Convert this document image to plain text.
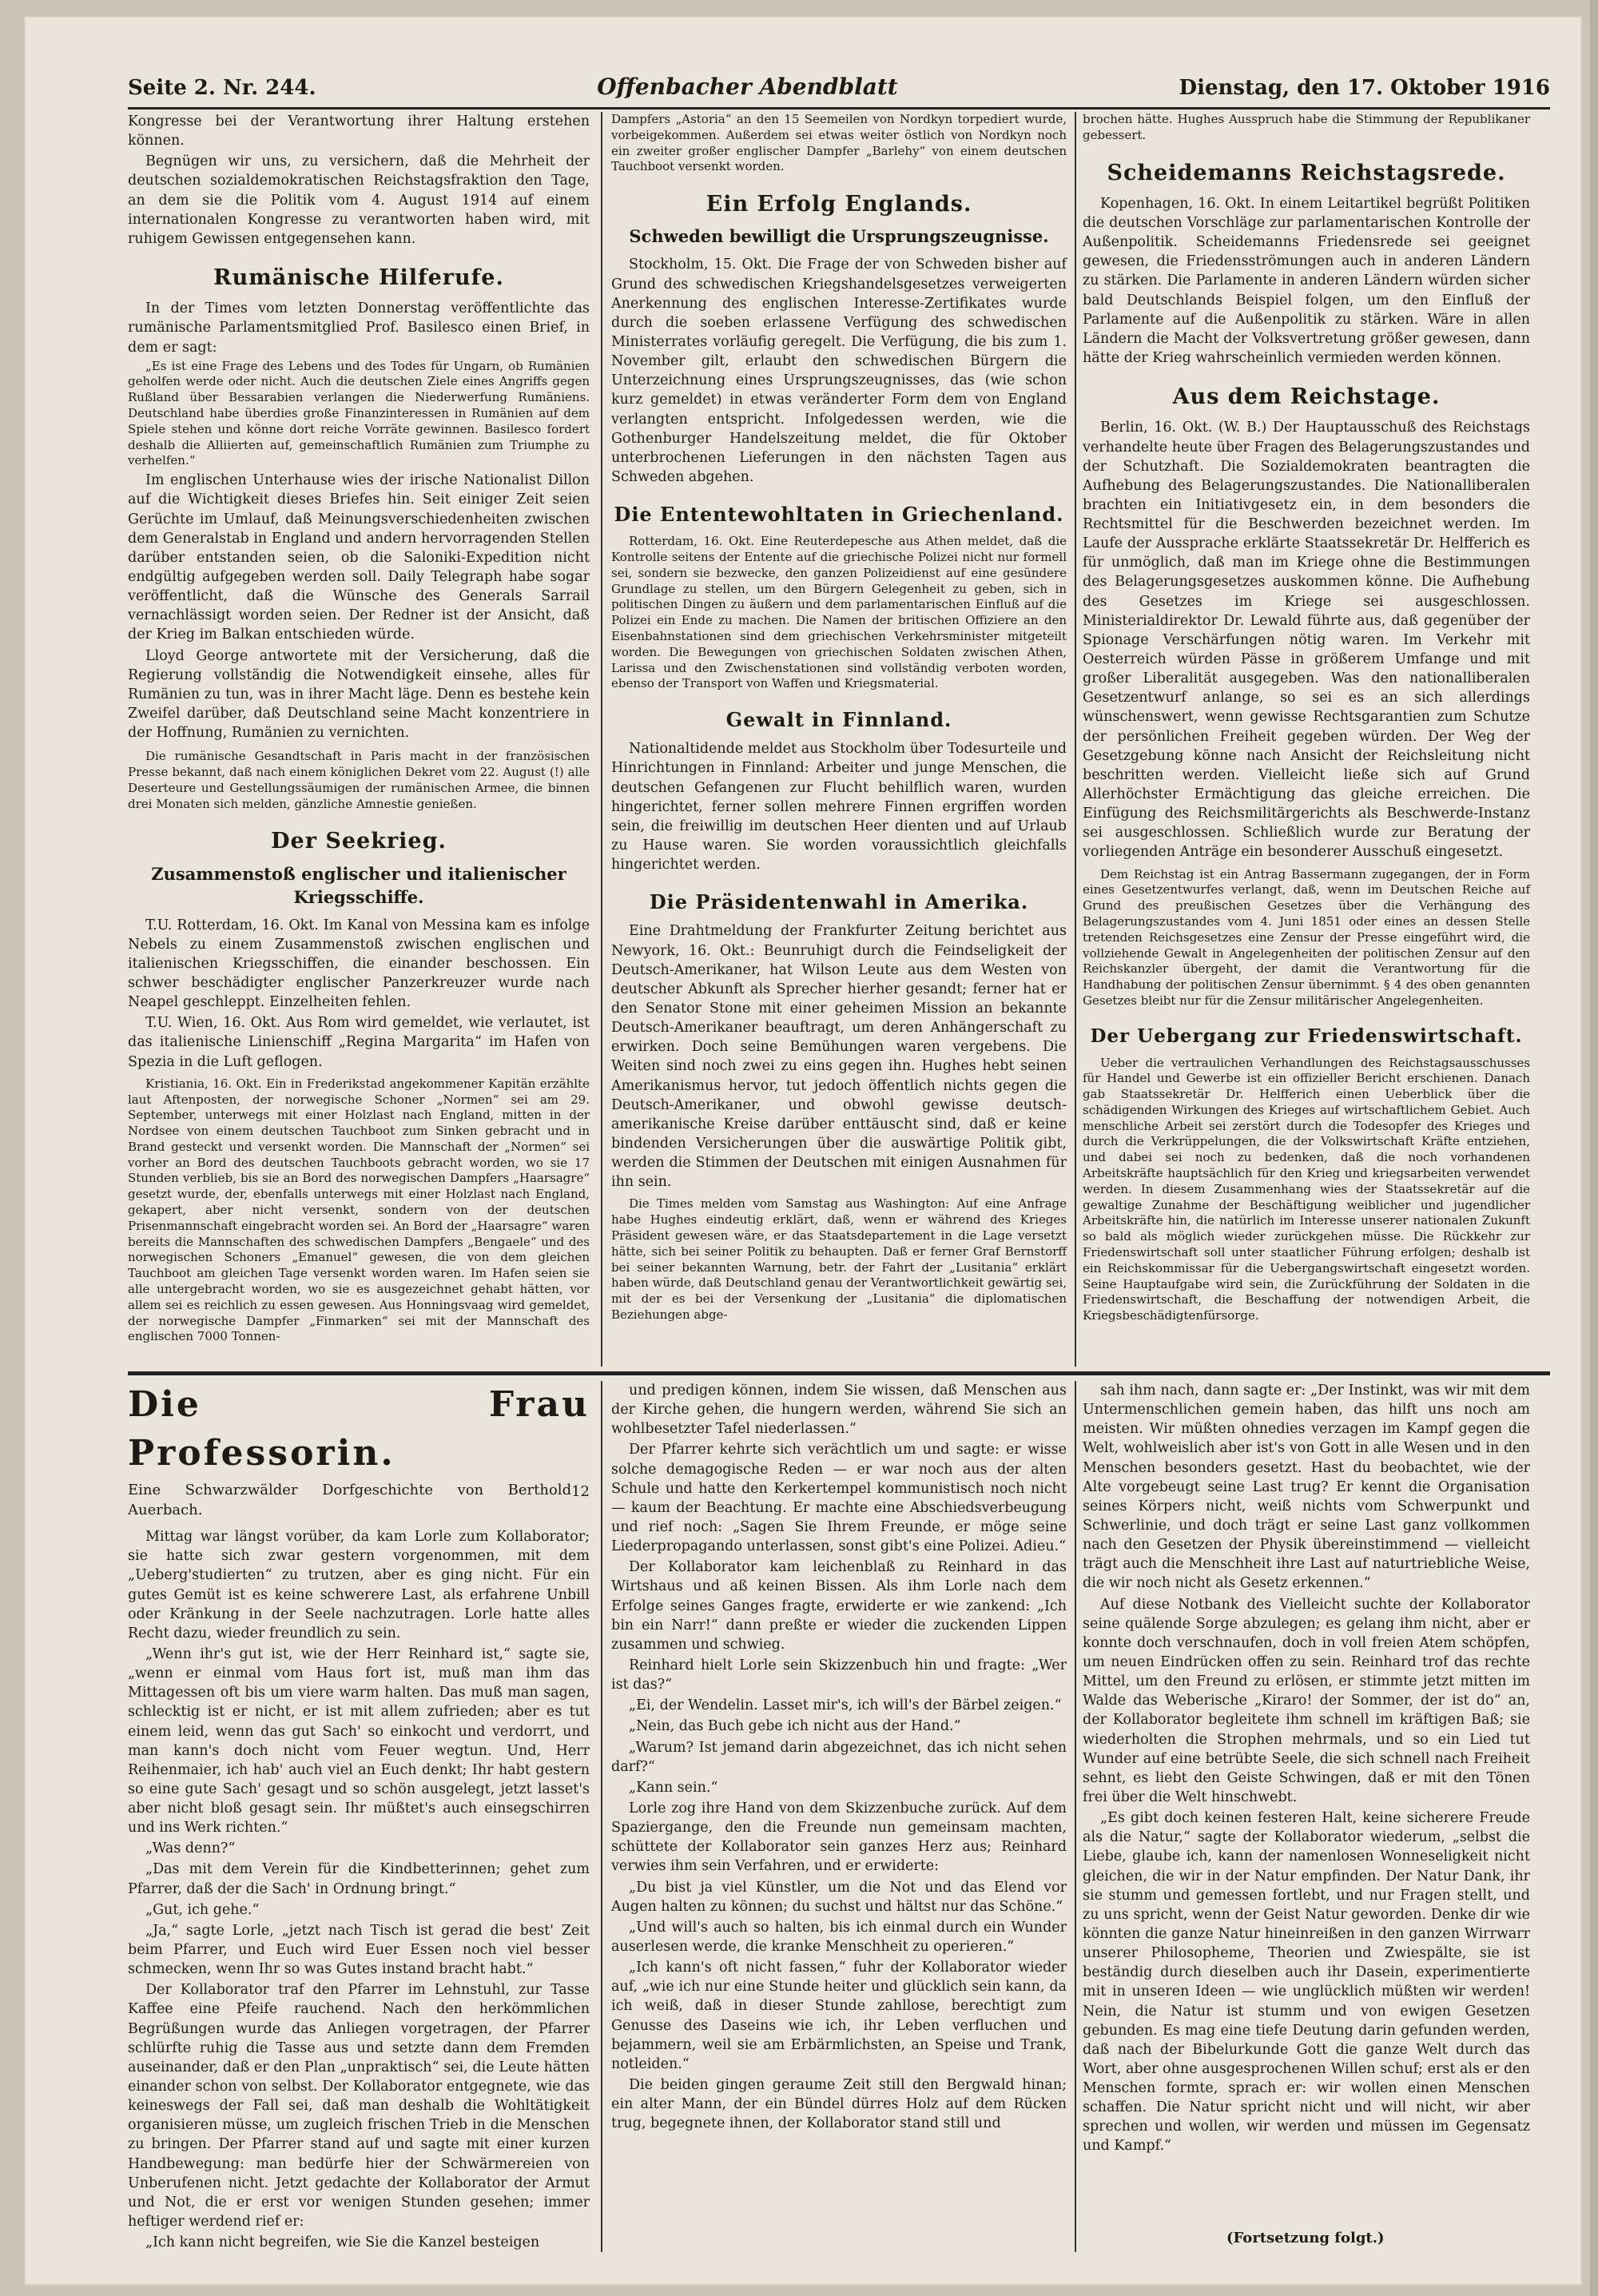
Seite 2. Nr. 244.	Offenbacher Abendblatt	Dienstag, den 17. Oktober 1916

Kongresse bei der Verantwortung ihrer Haltung erstehen können.

Begnügen wir uns, zu versichern, daß die Mehrheit der deutschen sozialdemokratischen Reichstagsfraktion den Tage, an dem sie die Politik vom 4. August 1914 auf einem internationalen Kongresse zu verantworten haben wird, mit ruhigem Gewissen entgegensehen kann.

Rumänische Hilferufe.

In der Times vom letzten Donnerstag veröffentlichte das rumänische Parlamentsmitglied Prof. Basilesco einen Brief, in dem er sagt:

„Es ist eine Frage des Lebens und des Todes für Ungarn, ob Rumänien geholfen werde oder nicht. Auch die deutschen Ziele eines Angriffs gegen Rußland über Bessarabien verlangen die Niederwerfung Rumäniens. Deutschland habe überdies große Finanzinteressen in Rumänien auf dem Spiele stehen und könne dort reiche Vorräte gewinnen. Basilesco fordert deshalb die Alliierten auf, gemeinschaftlich Rumänien zum Triumphe zu verhelfen.“

Im englischen Unterhause wies der irische Nationalist Dillon auf die Wichtigkeit dieses Briefes hin. Seit einiger Zeit seien Gerüchte im Umlauf, daß Meinungsverschiedenheiten zwischen dem Generalstab in England und andern hervorragenden Stellen darüber entstanden seien, ob die Saloniki-Expedition nicht endgültig aufgegeben werden soll. Daily Telegraph habe sogar veröffentlicht, daß die Wünsche des Generals Sarrail vernachlässigt worden seien. Der Redner ist der Ansicht, daß der Krieg im Balkan entschieden würde.

Lloyd George antwortete mit der Versicherung, daß die Regierung vollständig die Notwendigkeit einsehe, alles für Rumänien zu tun, was in ihrer Macht läge. Denn es bestehe kein Zweifel darüber, daß Deutschland seine Macht konzentriere in der Hoffnung, Rumänien zu vernichten.

Die rumänische Gesandtschaft in Paris macht in der französischen Presse bekannt, daß nach einem königlichen Dekret vom 22. August (!) alle Deserteure und Gestellungssäumigen der rumänischen Armee, die binnen drei Monaten sich melden, gänzliche Amnestie genießen.

Der Seekrieg.
Zusammenstoß englischer und italienischer Kriegsschiffe.

T.U. Rotterdam, 16. Okt. Im Kanal von Messina kam es infolge Nebels zu einem Zusammenstoß zwischen englischen und italienischen Kriegsschiffen, die einander beschossen. Ein schwer beschädigter englischer Panzerkreuzer wurde nach Neapel geschleppt. Einzelheiten fehlen.

T.U. Wien, 16. Okt. Aus Rom wird gemeldet, wie verlautet, ist das italienische Linienschiff „Regina Margarita“ im Hafen von Spezia in die Luft geflogen.

Kristiania, 16. Okt. Ein in Frederikstad angekommener Kapitän erzählte laut Aftenposten, der norwegische Schoner „Normen“ sei am 29. September, unterwegs mit einer Holzlast nach England, mitten in der Nordsee von einem deutschen Tauchboot zum Sinken gebracht und in Brand gesteckt und versenkt worden. Die Mannschaft der „Normen“ sei vorher an Bord des deutschen Tauchboots gebracht worden, wo sie 17 Stunden verblieb, bis sie an Bord des norwegischen Dampfers „Haarsagre“ gesetzt wurde, der, ebenfalls unterwegs mit einer Holzlast nach England, gekapert, aber nicht versenkt, sondern von der deutschen Prisenmannschaft eingebracht worden sei. An Bord der „Haarsagre“ waren bereits die Mannschaften des schwedischen Dampfers „Bengaele“ und des norwegischen Schoners „Emanuel“ gewesen, die von dem gleichen Tauchboot am gleichen Tage versenkt worden waren. Im Hafen seien sie alle untergebracht worden, wo sie es ausgezeichnet gehabt hätten, vor allem sei es reichlich zu essen gewesen. Aus Honningsvaag wird gemeldet, der norwegische Dampfer „Finmarken“ sei mit der Mannschaft des englischen 7000 Tonnen-

Dampfers „Astoria“ an den 15 Seemeilen von Nordkyn torpediert wurde, vorbeigekommen. Außerdem sei etwas weiter östlich von Nordkyn noch ein zweiter großer englischer Dampfer „Barlehy“ von einem deutschen Tauchboot versenkt worden.

Ein Erfolg Englands.
Schweden bewilligt die Ursprungszeugnisse.

Stockholm, 15. Okt. Die Frage der von Schweden bisher auf Grund des schwedischen Kriegshandelsgesetzes verweigerten Anerkennung des englischen Interesse-Zertifikates wurde durch die soeben erlassene Verfügung des schwedischen Ministerrates vorläufig geregelt. Die Verfügung, die bis zum 1. November gilt, erlaubt den schwedischen Bürgern die Unterzeichnung eines Ursprungszeugnisses, das (wie schon kurz gemeldet) in etwas veränderter Form dem von England verlangten entspricht. Infolgedessen werden, wie die Gothenburger Handelszeitung meldet, die für Oktober unterbrochenen Lieferungen in den nächsten Tagen aus Schweden abgehen.

Die Ententewohltaten in Griechenland.

Rotterdam, 16. Okt. Eine Reuterdepesche aus Athen meldet, daß die Kontrolle seitens der Entente auf die griechische Polizei nicht nur formell sei, sondern sie bezwecke, den ganzen Polizeidienst auf eine gesündere Grundlage zu stellen, um den Bürgern Gelegenheit zu geben, sich in politischen Dingen zu äußern und dem parlamentarischen Einfluß auf die Polizei ein Ende zu machen. Die Namen der britischen Offiziere an den Eisenbahnstationen sind dem griechischen Verkehrsminister mitgeteilt worden. Die Bewegungen von griechischen Soldaten zwischen Athen, Larissa und den Zwischenstationen sind vollständig verboten worden, ebenso der Transport von Waffen und Kriegsmaterial.

Gewalt in Finnland.

Nationaltidende meldet aus Stockholm über Todesurteile und Hinrichtungen in Finnland: Arbeiter und junge Menschen, die deutschen Gefangenen zur Flucht behilflich waren, wurden hingerichtet, ferner sollen mehrere Finnen ergriffen worden sein, die freiwillig im deutschen Heer dienten und auf Urlaub zu Hause waren. Sie worden voraussichtlich gleichfalls hingerichtet werden.

Die Präsidentenwahl in Amerika.

Eine Drahtmeldung der Frankfurter Zeitung berichtet aus Newyork, 16. Okt.: Beunruhigt durch die Feindseligkeit der Deutsch-Amerikaner, hat Wilson Leute aus dem Westen von deutscher Abkunft als Sprecher hierher gesandt; ferner hat er den Senator Stone mit einer geheimen Mission an bekannte Deutsch-Amerikaner beauftragt, um deren Anhängerschaft zu erwirken. Doch seine Bemühungen waren vergebens. Die Weiten sind noch zwei zu eins gegen ihn. Hughes hebt seinen Amerikanismus hervor, tut jedoch öffentlich nichts gegen die Deutsch-Amerikaner, und obwohl gewisse deutsch-amerikanische Kreise darüber enttäuscht sind, daß er keine bindenden Versicherungen über die auswärtige Politik gibt, werden die Stimmen der Deutschen mit einigen Ausnahmen für ihn sein.

Die Times melden vom Samstag aus Washington: Auf eine Anfrage habe Hughes eindeutig erklärt, daß, wenn er während des Krieges Präsident gewesen wäre, er das Staatsdepartement in die Lage versetzt hätte, sich bei seiner Politik zu behaupten. Daß er ferner Graf Bernstorff bei seiner bekannten Warnung, betr. der Fahrt der „Lusitania“ erklärt haben würde, daß Deutschland genau der Verantwortlichkeit gewärtig sei, mit der es bei der Versenkung der „Lusitania“ die diplomatischen Beziehungen abge-

brochen hätte. Hughes Ausspruch habe die Stimmung der Republikaner gebessert.

Scheidemanns Reichstagsrede.

Kopenhagen, 16. Okt. In einem Leitartikel begrüßt Politiken die deutschen Vorschläge zur parlamentarischen Kontrolle der Außenpolitik. Scheidemanns Friedensrede sei geeignet gewesen, die Friedensströmungen auch in anderen Ländern zu stärken. Die Parlamente in anderen Ländern würden sicher bald Deutschlands Beispiel folgen, um den Einfluß der Parlamente auf die Außenpolitik zu stärken. Wäre in allen Ländern die Macht der Volksvertretung größer gewesen, dann hätte der Krieg wahrscheinlich vermieden werden können.

Aus dem Reichstage.

Berlin, 16. Okt. (W. B.) Der Hauptausschuß des Reichstags verhandelte heute über Fragen des Belagerungszustandes und der Schutzhaft. Die Sozialdemokraten beantragten die Aufhebung des Belagerungszustandes. Die Nationalliberalen brachten ein Initiativgesetz ein, in dem besonders die Rechtsmittel für die Beschwerden bezeichnet werden. Im Laufe der Aussprache erklärte Staatssekretär Dr. Helfferich es für unmöglich, daß man im Kriege ohne die Bestimmungen des Belagerungsgesetzes auskommen könne. Die Aufhebung des Gesetzes im Kriege sei ausgeschlossen. Ministerialdirektor Dr. Lewald führte aus, daß gegenüber der Spionage Verschärfungen nötig waren. Im Verkehr mit Oesterreich würden Pässe in größerem Umfange und mit großer Liberalität ausgegeben. Was den nationalliberalen Gesetzentwurf anlange, so sei es an sich allerdings wünschenswert, wenn gewisse Rechtsgarantien zum Schutze der persönlichen Freiheit gegeben würden. Der Weg der Gesetzgebung könne nach Ansicht der Reichsleitung nicht beschritten werden. Vielleicht ließe sich auf Grund Allerhöchster Ermächtigung das gleiche erreichen. Die Einfügung des Reichsmilitärgerichts als Beschwerde-Instanz sei ausgeschlossen. Schließlich wurde zur Beratung der vorliegenden Anträge ein besonderer Ausschuß eingesetzt.

Dem Reichstag ist ein Antrag Bassermann zugegangen, der in Form eines Gesetzentwurfes verlangt, daß, wenn im Deutschen Reiche auf Grund des preußischen Gesetzes über die Verhängung des Belagerungszustandes vom 4. Juni 1851 oder eines an dessen Stelle tretenden Reichsgesetzes eine Zensur der Presse eingeführt wird, die vollziehende Gewalt in Angelegenheiten der politischen Zensur auf den Reichskanzler übergeht, der damit die Verantwortung für die Handhabung der politischen Zensur übernimmt. § 4 des oben genannten Gesetzes bleibt nur für die Zensur militärischer Angelegenheiten.

Der Uebergang zur Friedenswirtschaft.

Ueber die vertraulichen Verhandlungen des Reichstagsausschusses für Handel und Gewerbe ist ein offizieller Bericht erschienen. Danach gab Staatssekretär Dr. Helfferich einen Ueberblick über die schädigenden Wirkungen des Krieges auf wirtschaftlichem Gebiet. Auch menschliche Arbeit sei zerstört durch die Todesopfer des Krieges und durch die Verkrüppelungen, die der Volkswirtschaft Kräfte entziehen, und dabei sei noch zu bedenken, daß die noch vorhandenen Arbeitskräfte hauptsächlich für den Krieg und kriegsarbeiten verwendet werden. In diesem Zusammenhang wies der Staatssekretär auf die gewaltige Zunahme der Beschäftigung weiblicher und jugendlicher Arbeitskräfte hin, die natürlich im Interesse unserer nationalen Zukunft so bald als möglich wieder zurückgehen müsse. Die Rückkehr zur Friedenswirtschaft soll unter staatlicher Führung erfolgen; deshalb ist ein Reichskommissar für die Uebergangswirtschaft eingesetzt worden. Seine Hauptaufgabe wird sein, die Zurückführung der Soldaten in die Friedenswirtschaft, die Beschaffung der notwendigen Arbeit, die Kriegsbeschädigtenfürsorge.

Die Frau Professorin.
12
Eine Schwarzwälder Dorfgeschichte von Berthold Auerbach.

Mittag war längst vorüber, da kam Lorle zum Kollaborator; sie hatte sich zwar gestern vorgenommen, mit dem „Ueberg'studierten“ zu trutzen, aber es ging nicht. Für ein gutes Gemüt ist es keine schwerere Last, als erfahrene Unbill oder Kränkung in der Seele nachzutragen. Lorle hatte alles Recht dazu, wieder freundlich zu sein.

„Wenn ihr's gut ist, wie der Herr Reinhard ist,“ sagte sie, „wenn er einmal vom Haus fort ist, muß man ihm das Mittagessen oft bis um viere warm halten. Das muß man sagen, schlecktig ist er nicht, er ist mit allem zufrieden; aber es tut einem leid, wenn das gut Sach' so einkocht und verdorrt, und man kann's doch nicht vom Feuer wegtun. Und, Herr Reihenmaier, ich hab' auch viel an Euch denkt; Ihr habt gestern so eine gute Sach' gesagt und so schön ausgelegt, jetzt lasset's aber nicht bloß gesagt sein. Ihr müßtet's auch einsegschirren und ins Werk richten.“

„Was denn?“

„Das mit dem Verein für die Kindbetterinnen; gehet zum Pfarrer, daß der die Sach' in Ordnung bringt.“

„Gut, ich gehe.“

„Ja,“ sagte Lorle, „jetzt nach Tisch ist gerad die best' Zeit beim Pfarrer, und Euch wird Euer Essen noch viel besser schmecken, wenn Ihr so was Gutes instand bracht habt.“

Der Kollaborator traf den Pfarrer im Lehnstuhl, zur Tasse Kaffee eine Pfeife rauchend. Nach den herkömmlichen Begrüßungen wurde das Anliegen vorgetragen, der Pfarrer schlürfte ruhig die Tasse aus und setzte dann dem Fremden auseinander, daß er den Plan „unpraktisch“ sei, die Leute hätten einander schon von selbst. Der Kollaborator entgegnete, wie das keineswegs der Fall sei, daß man deshalb die Wohltätigkeit organisieren müsse, um zugleich frischen Trieb in die Menschen zu bringen. Der Pfarrer stand auf und sagte mit einer kurzen Handbewegung: man bedürfe hier der Schwärmereien von Unberufenen nicht. Jetzt gedachte der Kollaborator der Armut und Not, die er erst vor wenigen Stunden gesehen; immer heftiger werdend rief er:

„Ich kann nicht begreifen, wie Sie die Kanzel besteigen

und predigen können, indem Sie wissen, daß Menschen aus der Kirche gehen, die hungern werden, während Sie sich an wohlbesetzter Tafel niederlassen.“

Der Pfarrer kehrte sich verächtlich um und sagte: er wisse solche demagogische Reden — er war noch aus der alten Schule und hatte den Kerkertempel kommunistisch noch nicht — kaum der Beachtung. Er machte eine Abschiedsverbeugung und rief noch: „Sagen Sie Ihrem Freunde, er möge seine Liederpropagando unterlassen, sonst gibt's eine Polizei. Adieu.“

Der Kollaborator kam leichenblaß zu Reinhard in das Wirtshaus und aß keinen Bissen. Als ihm Lorle nach dem Erfolge seines Ganges fragte, erwiderte er wie zankend: „Ich bin ein Narr!“ dann preßte er wieder die zuckenden Lippen zusammen und schwieg.

Reinhard hielt Lorle sein Skizzenbuch hin und fragte: „Wer ist das?“

„Ei, der Wendelin. Lasset mir's, ich will's der Bärbel zeigen.“

„Nein, das Buch gebe ich nicht aus der Hand.“

„Warum? Ist jemand darin abgezeichnet, das ich nicht sehen darf?“

„Kann sein.“

Lorle zog ihre Hand von dem Skizzenbuche zurück. Auf dem Spaziergange, den die Freunde nun gemeinsam machten, schüttete der Kollaborator sein ganzes Herz aus; Reinhard verwies ihm sein Verfahren, und er erwiderte:

„Du bist ja viel Künstler, um die Not und das Elend vor Augen halten zu können; du suchst und hältst nur das Schöne.“

„Und will's auch so halten, bis ich einmal durch ein Wunder auserlesen werde, die kranke Menschheit zu operieren.“

„Ich kann's oft nicht fassen,“ fuhr der Kollaborator wieder auf, „wie ich nur eine Stunde heiter und glücklich sein kann, da ich weiß, daß in dieser Stunde zahllose, berechtigt zum Genusse des Daseins wie ich, ihr Leben verfluchen und bejammern, weil sie am Erbärmlichsten, an Speise und Trank, notleiden.“

Die beiden gingen geraume Zeit still den Bergwald hinan; ein alter Mann, der ein Bündel dürres Holz auf dem Rücken trug, begegnete ihnen, der Kollaborator stand still und

sah ihm nach, dann sagte er: „Der Instinkt, was wir mit dem Untermenschlichen gemein haben, das hilft uns noch am meisten. Wir müßten ohnedies verzagen im Kampf gegen die Welt, wohlweislich aber ist's von Gott in alle Wesen und in den Menschen besonders gesetzt. Hast du beobachtet, wie der Alte vorgebeugt seine Last trug? Er kennt die Organisation seines Körpers nicht, weiß nichts vom Schwerpunkt und Schwerlinie, und doch trägt er seine Last ganz vollkommen nach den Gesetzen der Physik übereinstimmend — vielleicht trägt auch die Menschheit ihre Last auf naturtriebliche Weise, die wir noch nicht als Gesetz erkennen.“

Auf diese Notbank des Vielleicht suchte der Kollaborator seine quälende Sorge abzulegen; es gelang ihm nicht, aber er konnte doch verschnaufen, doch in voll freien Atem schöpfen, um neuen Eindrücken offen zu sein. Reinhard trof das rechte Mittel, um den Freund zu erlösen, er stimmte jetzt mitten im Walde das Weberische „Kiraro! der Sommer, der ist do“ an, der Kollaborator begleitete ihm schnell im kräftigen Baß; sie wiederholten die Strophen mehrmals, und so ein Lied tut Wunder auf eine betrübte Seele, die sich schnell nach Freiheit sehnt, es liebt den Geiste Schwingen, daß er mit den Tönen frei über die Welt hinschwebt.

„Es gibt doch keinen festeren Halt, keine sicherere Freude als die Natur,“ sagte der Kollaborator wiederum, „selbst die Liebe, glaube ich, kann der namenlosen Wonneseligkeit nicht gleichen, die wir in der Natur empfinden. Der Natur Dank, ihr sie stumm und gemessen fortlebt, und nur Fragen stellt, und zu uns spricht, wenn der Geist Natur geworden. Denke dir wie könnten die ganze Natur hineinreißen in den ganzen Wirrwarr unserer Philosopheme, Theorien und Zwiespälte, sie ist beständig durch dieselben auch ihr Dasein, experimentierte mit in unseren Ideen — wie unglücklich müßten wir werden! Nein, die Natur ist stumm und von ewigen Gesetzen gebunden. Es mag eine tiefe Deutung darin gefunden werden, daß nach der Bibelurkunde Gott die ganze Welt durch das Wort, aber ohne ausgesprochenen Willen schuf; erst als er den Menschen formte, sprach er: wir wollen einen Menschen schaffen. Die Natur spricht nicht und will nicht, wir aber sprechen und wollen, wir werden und müssen im Gegensatz und Kampf.“

(Fortsetzung folgt.)
